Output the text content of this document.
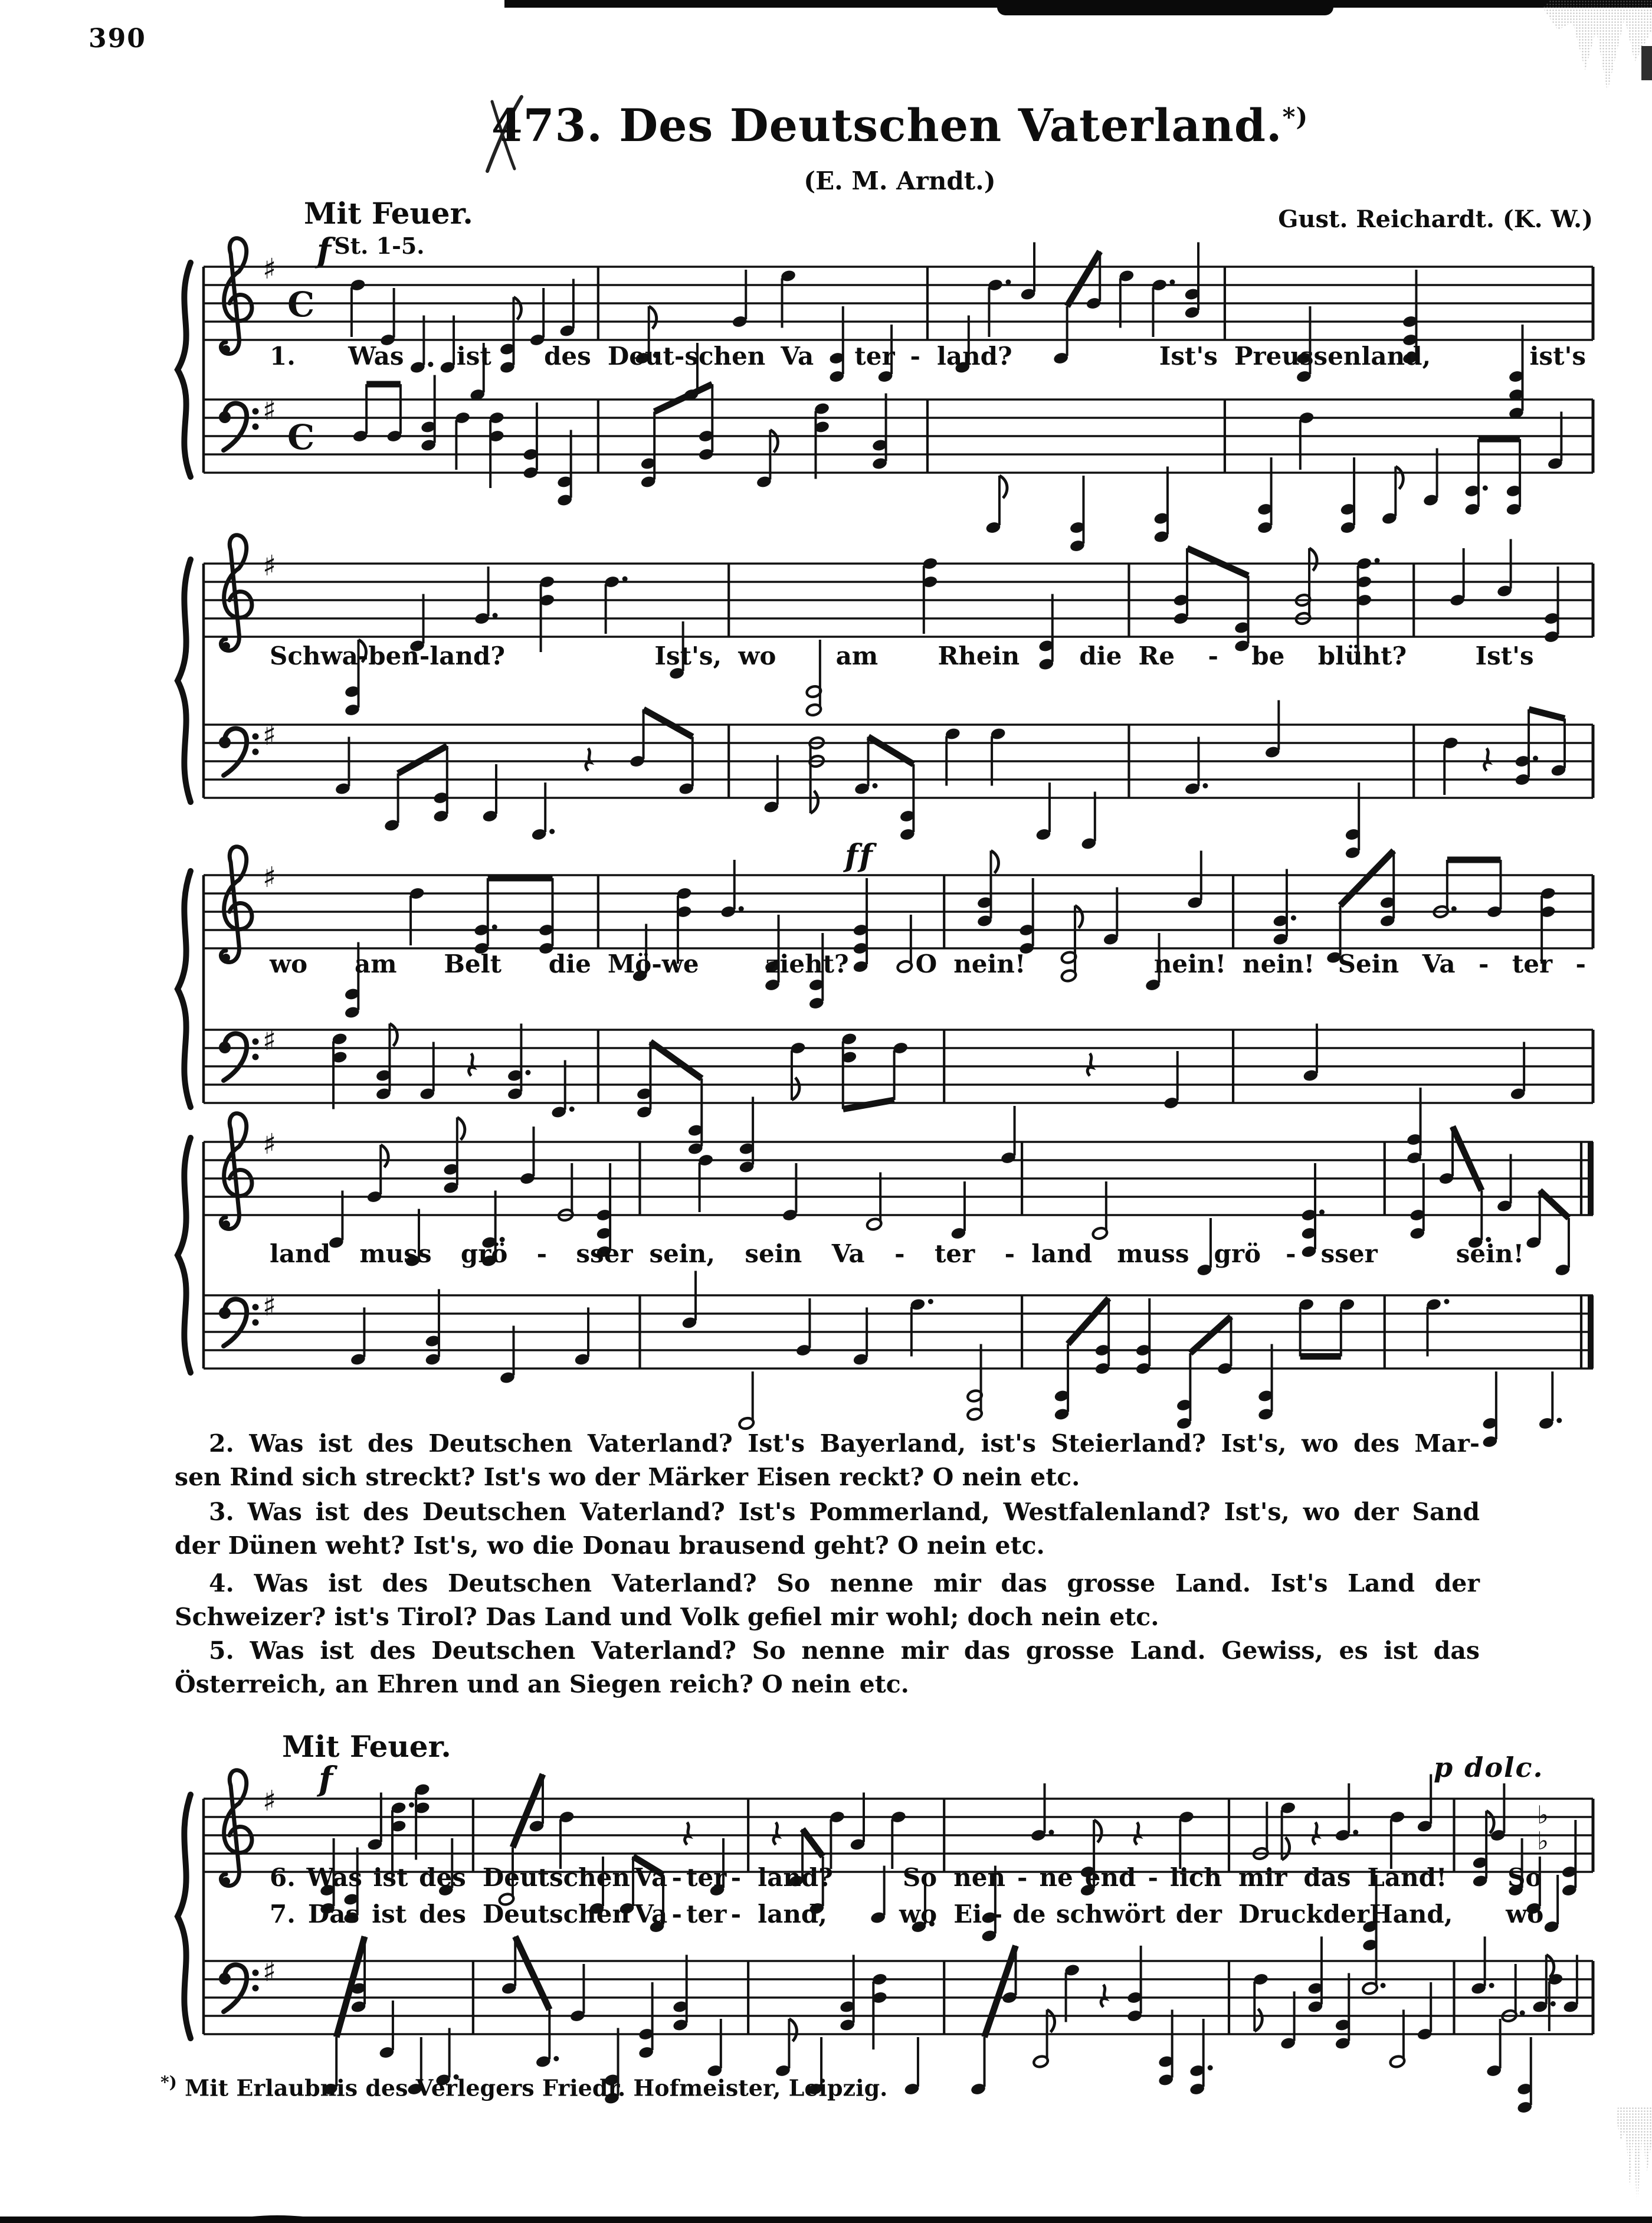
390
473. Des Deutschen Vaterland.*)
(E. M. Arndt.)
Mit Feuer.	Gust. Reichardt. (K. W.)
f St. 1-5.
ff
♯
♯
C
C
1. Was ist des Deut-schen Va - ter - land?	Ist's Preussenland,	ist's
♯
♯
Schwa-ben-land?	Ist's, wo am Rhein die Re - be blüht?	Ist's
♯
♯
wo am Belt die Mö-we	zieht?	O nein!	nein! nein! Sein Va - ter -
♯
♯
land muss grö - sser sein, sein Va - ter - land muss grö - sser	sein!
♯
♯
♭
♭
6. Was ist des Deutschen Va - ter - land?	So nen - ne end - lich mir das Land! So
7. Das ist des Deutschen Va - ter - land,	wo Ei - de schwört der Druck der Hand, wo
2. Was ist des Deutschen Vaterland? Ist's Bayerland, ist's Steierland? Ist's, wo des Mar-
sen Rind sich streckt? Ist's wo der Märker Eisen reckt? O nein etc.
3. Was ist des Deutschen Vaterland? Ist's Pommerland, Westfalenland? Ist's, wo der Sand
der Dünen weht? Ist's, wo die Donau brausend geht? O nein etc.
4. Was ist des Deutschen Vaterland? So nenne mir das grosse Land. Ist's Land der
Schweizer? ist's Tirol? Das Land und Volk gefiel mir wohl; doch nein etc.
5. Was ist des Deutschen Vaterland? So nenne mir das grosse Land. Gewiss, es ist das
Österreich, an Ehren und an Siegen reich? O nein etc.
Mit Feuer.
f	p dolc.
*) Mit Erlaubnis des Verlegers Friedr. Hofmeister, Leipzig.
